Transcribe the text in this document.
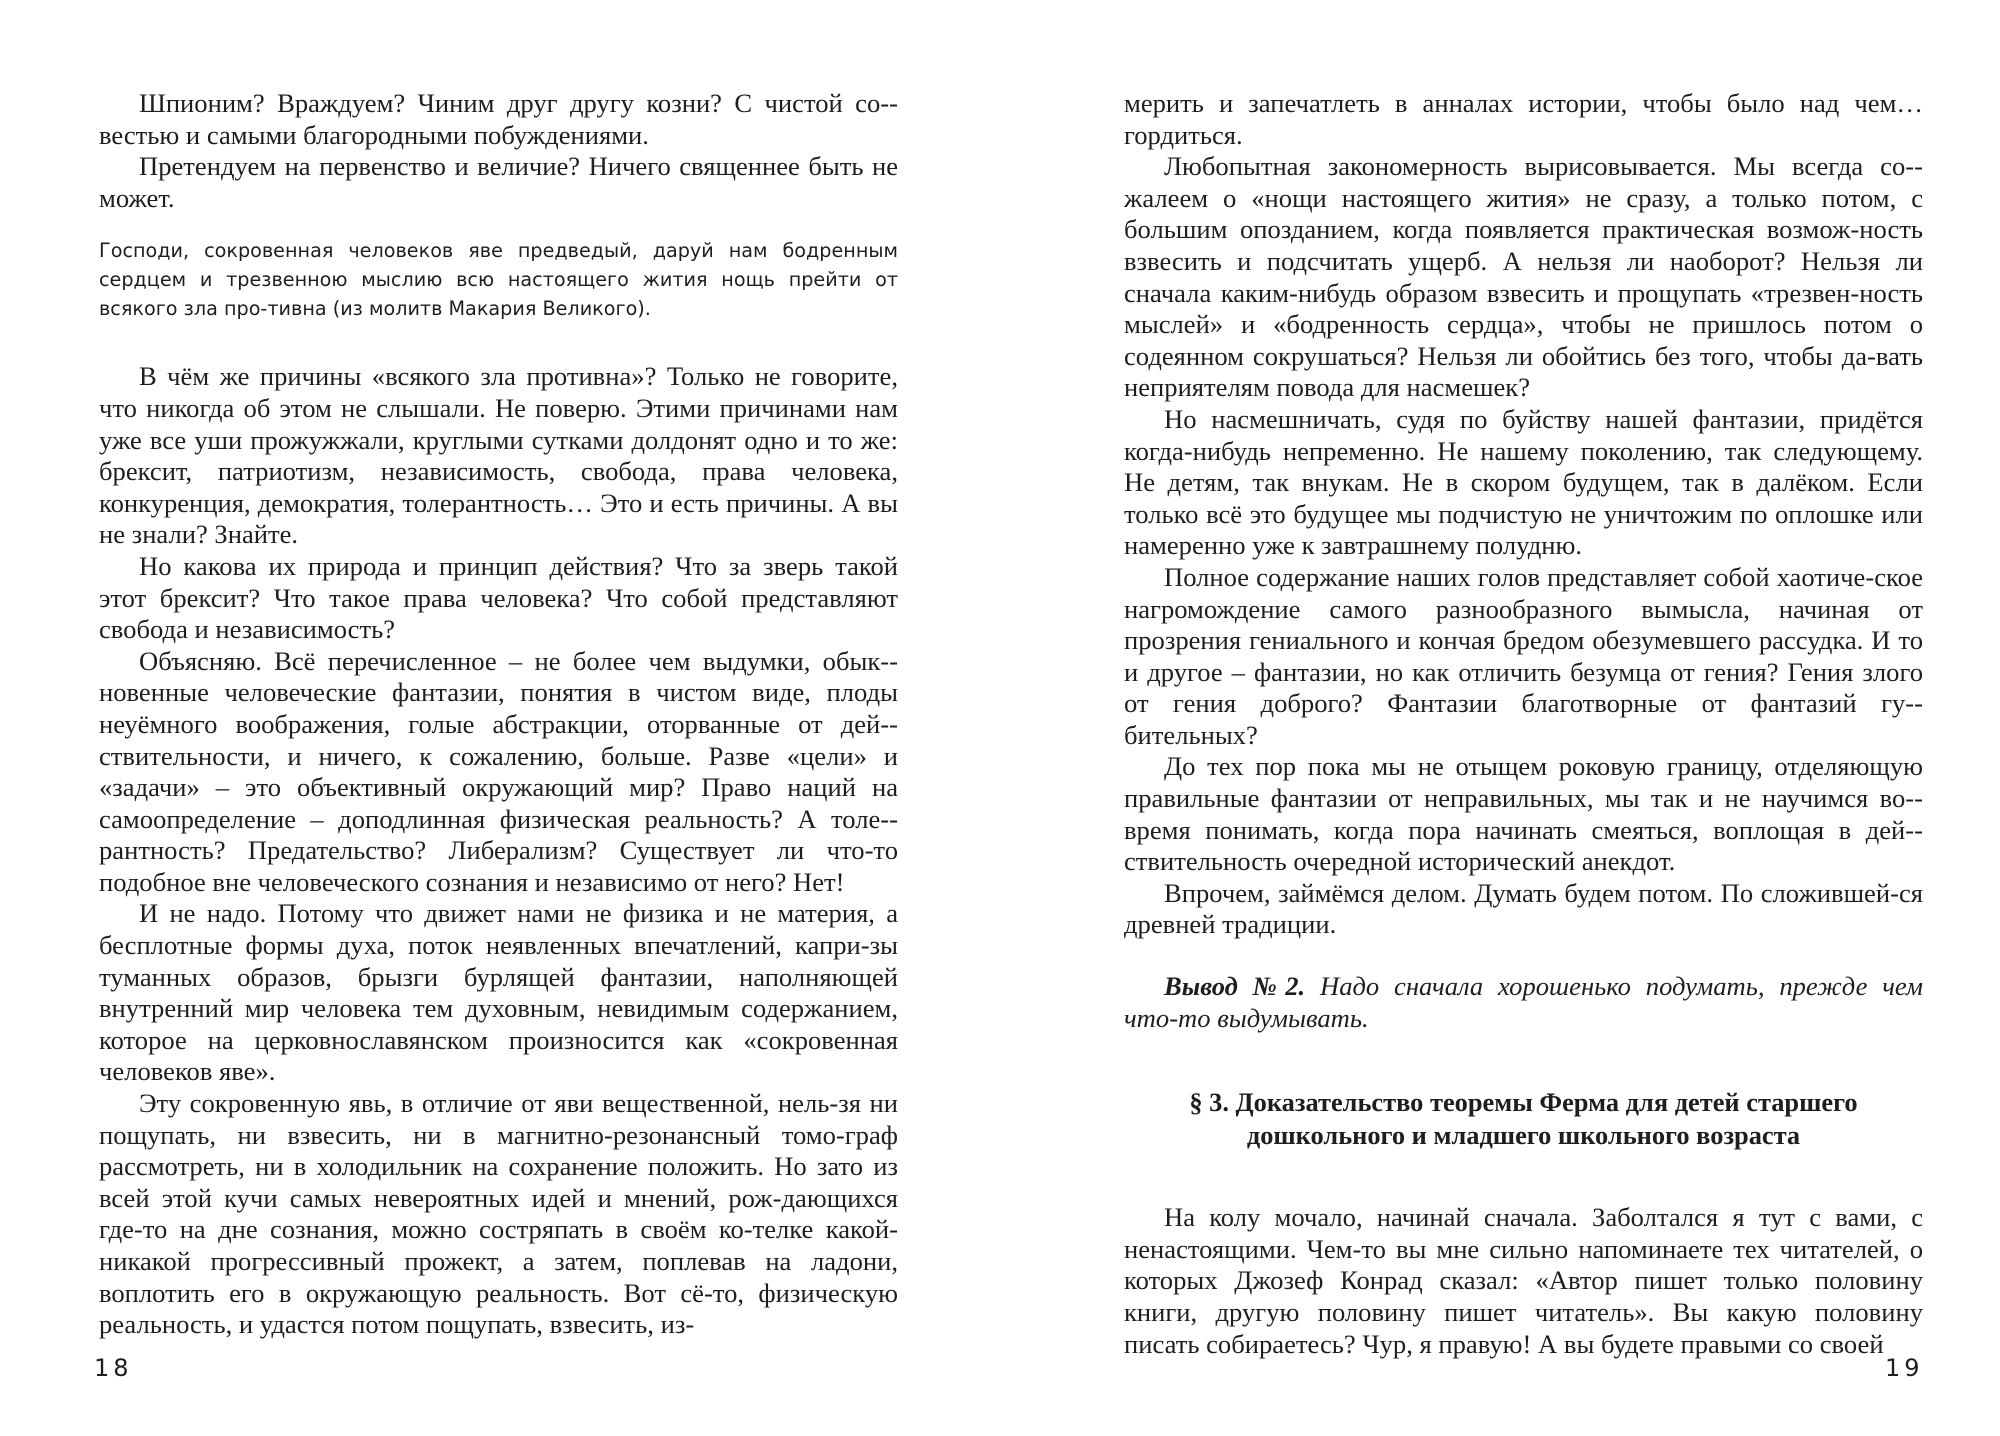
Шпионим? Враждуем? Чиним друг другу козни? С чистой со-вестью и самыми благородными побуждениями.

Претендуем на первенство и величие? Ничего священнее быть не может.

Господи, сокровенная человеков яве предведый, даруй нам бодренным сердцем и трезвенною мыслию всю настоящего жития нощь прейти от всякого зла про-тивна (из молитв Макария Великого).

В чём же причины «всякого зла противна»? Только не говорите, что никогда об этом не слышали. Не поверю. Этими причинами нам уже все уши прожужжали, круглыми сутками долдонят одно и то же: брексит, патриотизм, независимость, свобода, права человека, конкуренция, демократия, толерантность… Это и есть причины. А вы не знали? Знайте.

Но какова их природа и принцип действия? Что за зверь такой этот брексит? Что такое права человека? Что собой представляют свобода и независимость?

Объясняю. Всё перечисленное – не более чем выдумки, обык-новенные человеческие фантазии, понятия в чистом виде, плоды неуёмного воображения, голые абстракции, оторванные от дей-ствительности, и ничего, к сожалению, больше. Разве «цели» и «задачи» – это объективный окружающий мир? Право наций на самоопределение – доподлинная физическая реальность? А толе-рантность? Предательство? Либерализм? Существует ли что-то подобное вне человеческого сознания и независимо от него? Нет!

И не надо. Потому что движет нами не физика и не материя, а бесплотные формы духа, поток неявленных впечатлений, капри-зы туманных образов, брызги бурлящей фантазии, наполняющей внутренний мир человека тем духовным, невидимым содержанием, которое на церковнославянском произносится как «сокровенная человеков яве».

Эту сокровенную явь, в отличие от яви вещественной, нель-зя ни пощупать, ни взвесить, ни в магнитно-резонансный томо-граф рассмотреть, ни в холодильник на сохранение положить. Но зато из всей этой кучи самых невероятных идей и мнений, рож-дающихся где-то на дне сознания, можно состряпать в своём ко-телке какой-никакой прогрессивный прожект, а затем, поплевав на ладони, воплотить его в окружающую реальность. Вот сё-то, физическую реальность, и удастся потом пощупать, взвесить, из-

18

мерить и запечатлеть в анналах истории, чтобы было над чем… гордиться.

Любопытная закономерность вырисовывается. Мы всегда со-жалеем о «нощи настоящего жития» не сразу, а только потом, с большим опозданием, когда появляется практическая возмож-ность взвесить и подсчитать ущерб. А нельзя ли наоборот? Нельзя ли сначала каким-нибудь образом взвесить и прощупать «трезвен-ность мыслей» и «бодренность сердца», чтобы не пришлось потом о содеянном сокрушаться? Нельзя ли обойтись без того, чтобы да-вать неприятелям повода для насмешек?

Но насмешничать, судя по буйству нашей фантазии, придётся когда-нибудь непременно. Не нашему поколению, так следующему. Не детям, так внукам. Не в скором будущем, так в далёком. Если только всё это будущее мы подчистую не уничтожим по оплошке или намеренно уже к завтрашнему полудню.

Полное содержание наших голов представляет собой хаотиче-ское нагромождение самого разнообразного вымысла, начиная от прозрения гениального и кончая бредом обезумевшего рассудка. И то и другое – фантазии, но как отличить безумца от гения? Гения злого от гения доброго? Фантазии благотворные от фантазий гу-бительных?

До тех пор пока мы не отыщем роковую границу, отделяющую правильные фантазии от неправильных, мы так и не научимся во-время понимать, когда пора начинать смеяться, воплощая в дей-ствительность очередной исторический анекдот.

Впрочем, займёмся делом. Думать будем потом. По сложившей-ся древней традиции.

Вывод №2. Надо сначала хорошенько подумать, прежде чем что-то выдумывать.

§ 3. Доказательство теоремы Ферма для детей старшего
дошкольного и младшего школьного возраста

На колу мочало, начинай сначала. Заболтался я тут с вами, с ненастоящими. Чем-то вы мне сильно напоминаете тех читателей, о которых Джозеф Конрад сказал: «Автор пишет только половину книги, другую половину пишет читатель». Вы какую половину писать собираетесь? Чур, я правую! А вы будете правыми со своей

19
